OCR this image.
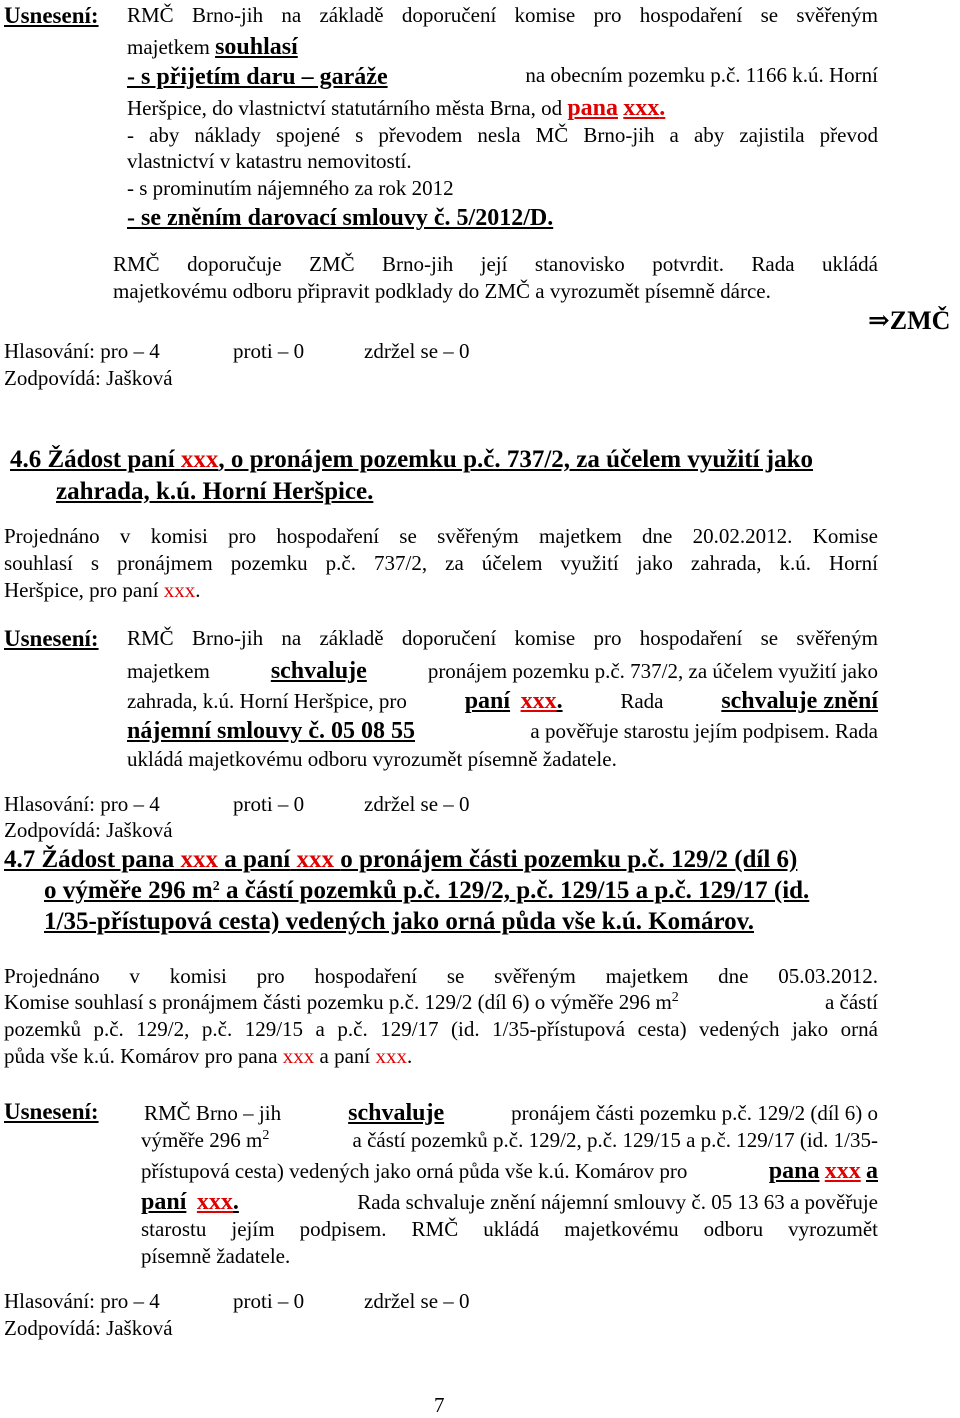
Usnesení: RMČ Brno-jih na základě doporučení komise pro hospodaření se svěřeným
majetkem souhlasí
- s přijetím daru – garáže	na obecním pozemku p.č. 1166 k.ú. Horní
Heršpice, do vlastnictví statutárního města Brna, od pana xxx.
- aby náklady spojené s převodem nesla MČ Brno-jih a aby zajistila převod
vlastnictví v katastru nemovitostí.
- s prominutím nájemného za rok 2012
- se zněním darovací smlouvy č. 5/2012/D.
RMČ doporučuje ZMČ Brno-jih její stanovisko potvrdit. Rada ukládá
majetkovému odboru připravit podklady do ZMČ a vyrozumět písemně dárce.
⇒ZMČ
Hlasování: pro – 4	proti – 0	zdržel se – 0
Zodpovídá: Jašková
4.6 Žádost paní xxx, o pronájem pozemku p.č. 737/2, za účelem využití jako
zahrada, k.ú. Horní Heršpice.
Projednáno v komisi pro hospodaření se svěřeným majetkem dne 20.02.2012. Komise
souhlasí s pronájmem pozemku p.č. 737/2, za účelem využití jako zahrada, k.ú. Horní
Heršpice, pro paní xxx.
Usnesení: RMČ Brno-jih na základě doporučení komise pro hospodaření se svěřeným
majetkem	schvaluje	pronájem pozemku p.č. 737/2, za účelem využití jako
zahrada, k.ú. Horní Heršpice, pro paní xxx.	Rada schvaluje znění
nájemní smlouvy č. 05 08 55	a pověřuje starostu jejím podpisem. Rada
ukládá majetkovému odboru vyrozumět písemně žadatele.
Hlasování: pro – 4	proti – 0	zdržel se – 0
Zodpovídá: Jašková
4.7 Žádost pana xxx a paní xxx o pronájem části pozemku p.č. 129/2 (díl 6)
o výměře 296 $m^2$ a částí pozemků p.č. 129/2, p.č. 129/15 a p.č. 129/17 (id.
1/35-přístupová cesta) vedených jako orná půda vše k.ú. Komárov.
Projednáno v komisi pro hospodaření se svěřeným majetkem dne 05.03.2012.
Komise souhlasí s pronájmem části pozemku p.č. 129/2 (díl 6) o výměře 296 $m^2$	a částí
pozemků p.č. 129/2, p.č. 129/15 a p.č. 129/17 (id. 1/35-přístupová cesta) vedených jako orná
půda vše k.ú. Komárov pro pana xxx a paní xxx.
Usnesení: RMČ Brno – jih	schvaluje	pronájem části pozemku p.č. 129/2 (díl 6) o
výměře 296 $m^2$	a částí pozemků p.č. 129/2, p.č. 129/15 a p.č. 129/17 (id. 1/35-
přístupová cesta) vedených jako orná půda vše k.ú. Komárov pro	pana xxx a
paní xxx.	Rada schvaluje znění nájemní smlouvy č. 05 13 63 a pověřuje
starostu jejím podpisem. RMČ ukládá majetkovému odboru vyrozumět
písemně žadatele.
Hlasování: pro – 4	proti – 0	zdržel se – 0
Zodpovídá: Jašková
7
